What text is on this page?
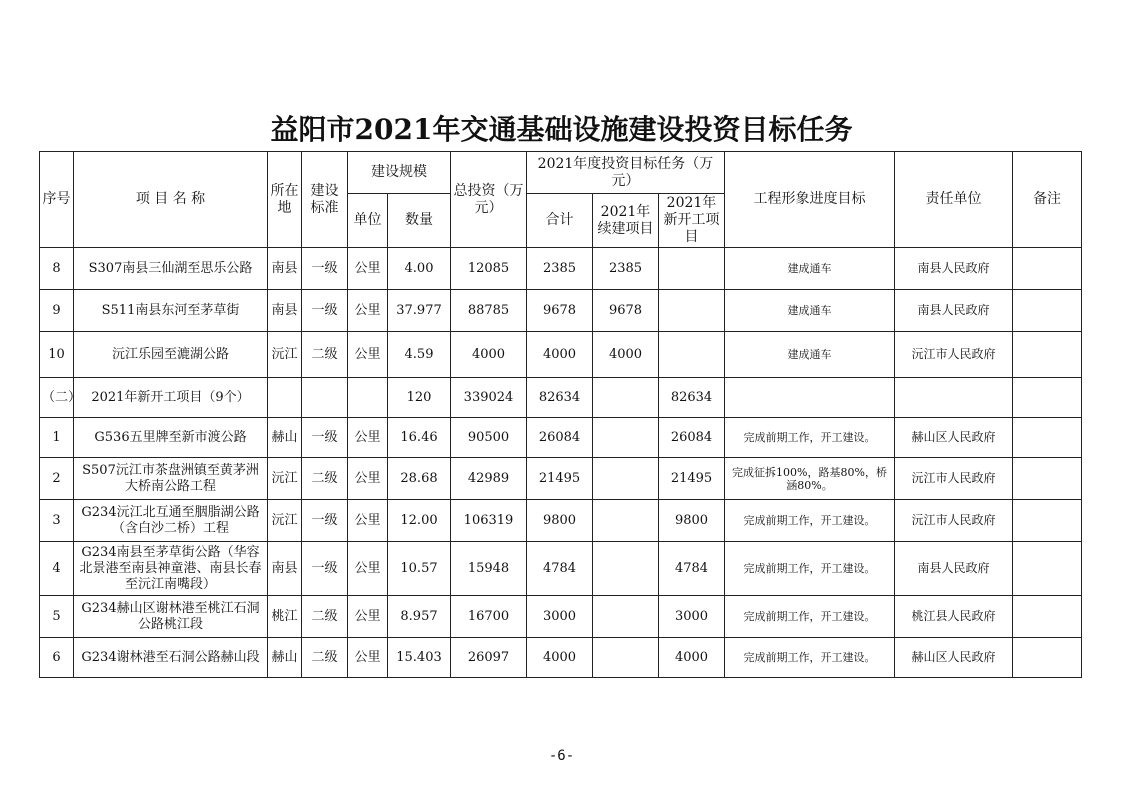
益阳市2021年交通基础设施建设投资目标任务
序号	项 目 名 称	所在地	建设标准	建设规模		总投资（万元）	2021年度投资目标任务（万元）			工程形象进度目标	责任单位	备注
				单位	数量		合计	2021年续建项目	2021年新开工项目			
8	S307南县三仙湖至思乐公路	南县	一级	公里	4.00	12085	2385	2385		建成通车	南县人民政府	
9	S511南县东河至茅草街	南县	一级	公里	37.977	88785	9678	9678		建成通车	南县人民政府	
10	沅江乐园至漉湖公路	沅江	二级	公里	4.59	4000	4000	4000		建成通车	沅江市人民政府	
（二）	2021年新开工项目（9个）				120	339024	82634		82634			
1	G536五里牌至新市渡公路	赫山	一级	公里	16.46	90500	26084		26084	完成前期工作，开工建设。	赫山区人民政府	
2	S507沅江市茶盘洲镇至黄茅洲大桥南公路工程	沅江	二级	公里	28.68	42989	21495		21495	完成征拆100%，路基80%，桥涵80%。	沅江市人民政府	
3	G234沅江北互通至胭脂湖公路（含白沙二桥）工程	沅江	一级	公里	12.00	106319	9800		9800	完成前期工作，开工建设。	沅江市人民政府	
4	G234南县至茅草街公路（华容北景港至南县神童港、南县长春至沅江南嘴段）	南县	一级	公里	10.57	15948	4784		4784	完成前期工作，开工建设。	南县人民政府	
5	G234赫山区谢林港至桃江石洞公路桃江段	桃江	二级	公里	8.957	16700	3000		3000	完成前期工作，开工建设。	桃江县人民政府	
6	G234谢林港至石洞公路赫山段	赫山	二级	公里	15.403	26097	4000		4000	完成前期工作，开工建设。	赫山区人民政府	
-6-
